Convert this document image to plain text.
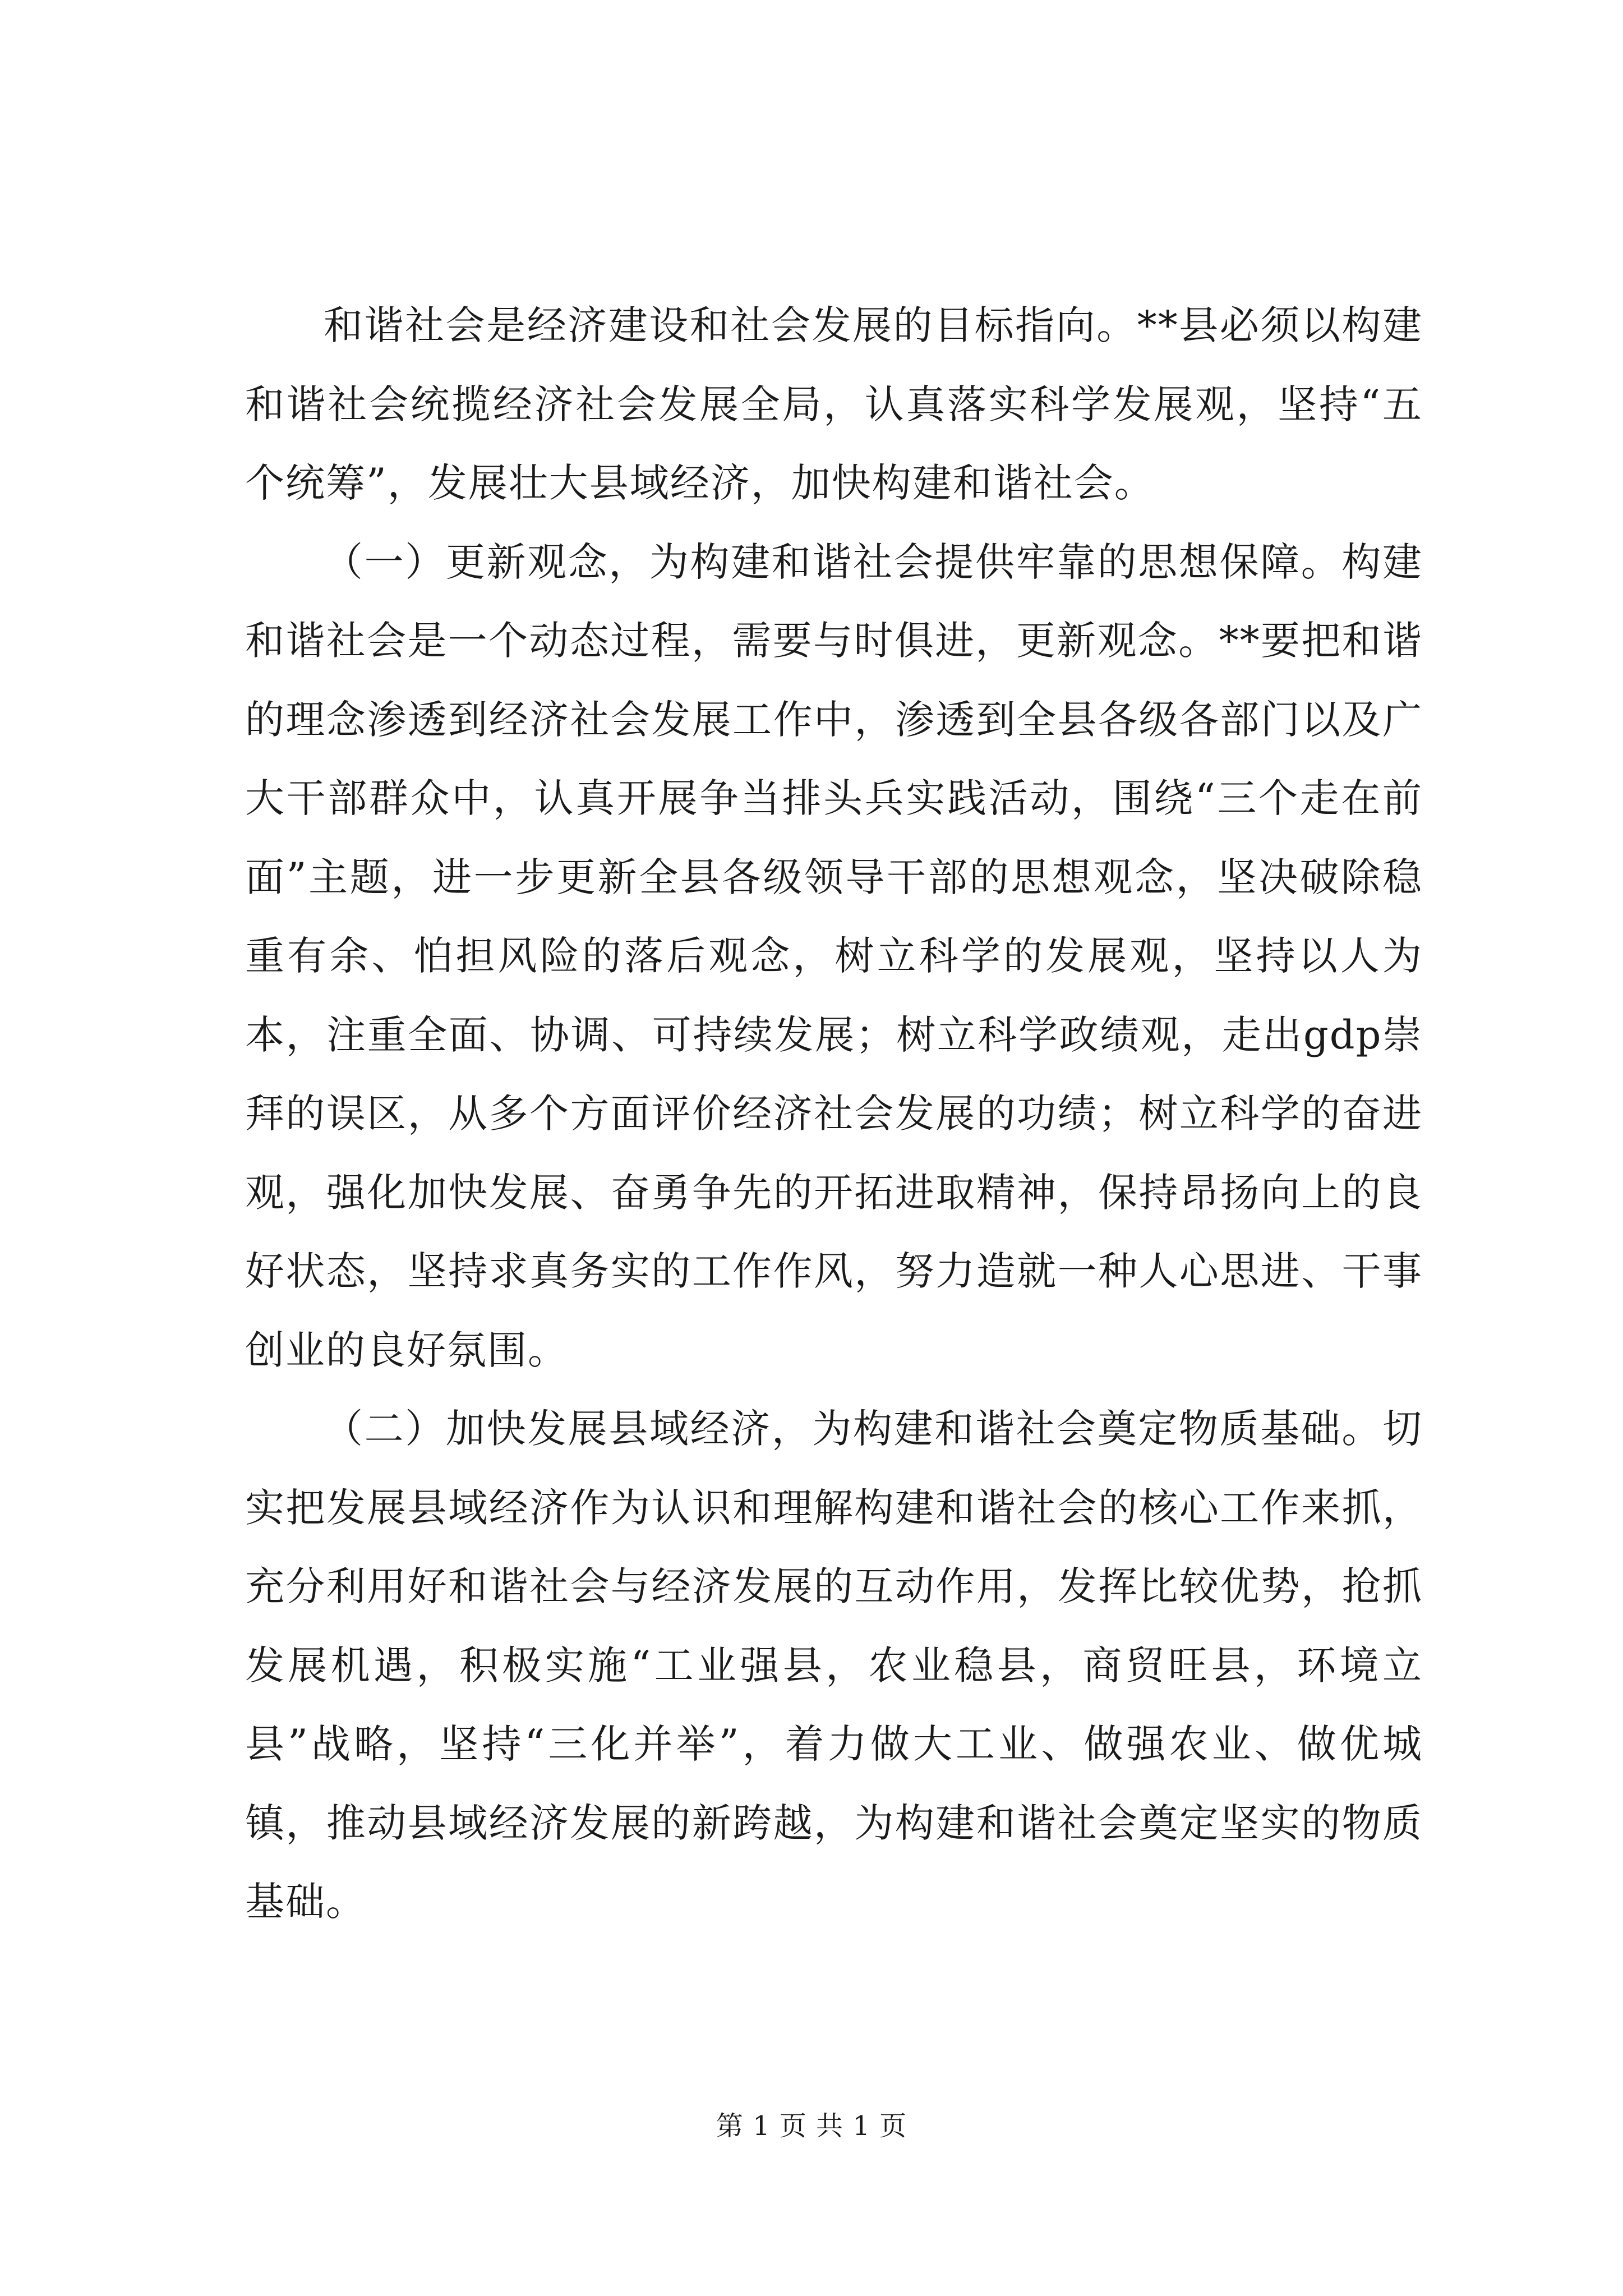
和谐社会是经济建设和社会发展的目标指向。**县必须以构建和谐社会统揽经济社会发展全局，认真落实科学发展观，坚持“五个统筹”，发展壮大县域经济，加快构建和谐社会。

（一）更新观念，为构建和谐社会提供牢靠的思想保障。构建和谐社会是一个动态过程，需要与时俱进，更新观念。**要把和谐的理念渗透到经济社会发展工作中，渗透到全县各级各部门以及广大干部群众中，认真开展争当排头兵实践活动，围绕“三个走在前面”主题，进一步更新全县各级领导干部的思想观念，坚决破除稳重有余、怕担风险的落后观念，树立科学的发展观，坚持以人为本，注重全面、协调、可持续发展；树立科学政绩观，走出gdp崇拜的误区，从多个方面评价经济社会发展的功绩；树立科学的奋进观，强化加快发展、奋勇争先的开拓进取精神，保持昂扬向上的良好状态，坚持求真务实的工作作风，努力造就一种人心思进、干事创业的良好氛围。

（二）加快发展县域经济，为构建和谐社会奠定物质基础。切实把发展县域经济作为认识和理解构建和谐社会的核心工作来抓，充分利用好和谐社会与经济发展的互动作用，发挥比较优势，抢抓发展机遇，积极实施“工业强县，农业稳县，商贸旺县，环境立县”战略，坚持“三化并举”，着力做大工业、做强农业、做优城镇，推动县域经济发展的新跨越，为构建和谐社会奠定坚实的物质基础。

第 1 页 共 1 页
